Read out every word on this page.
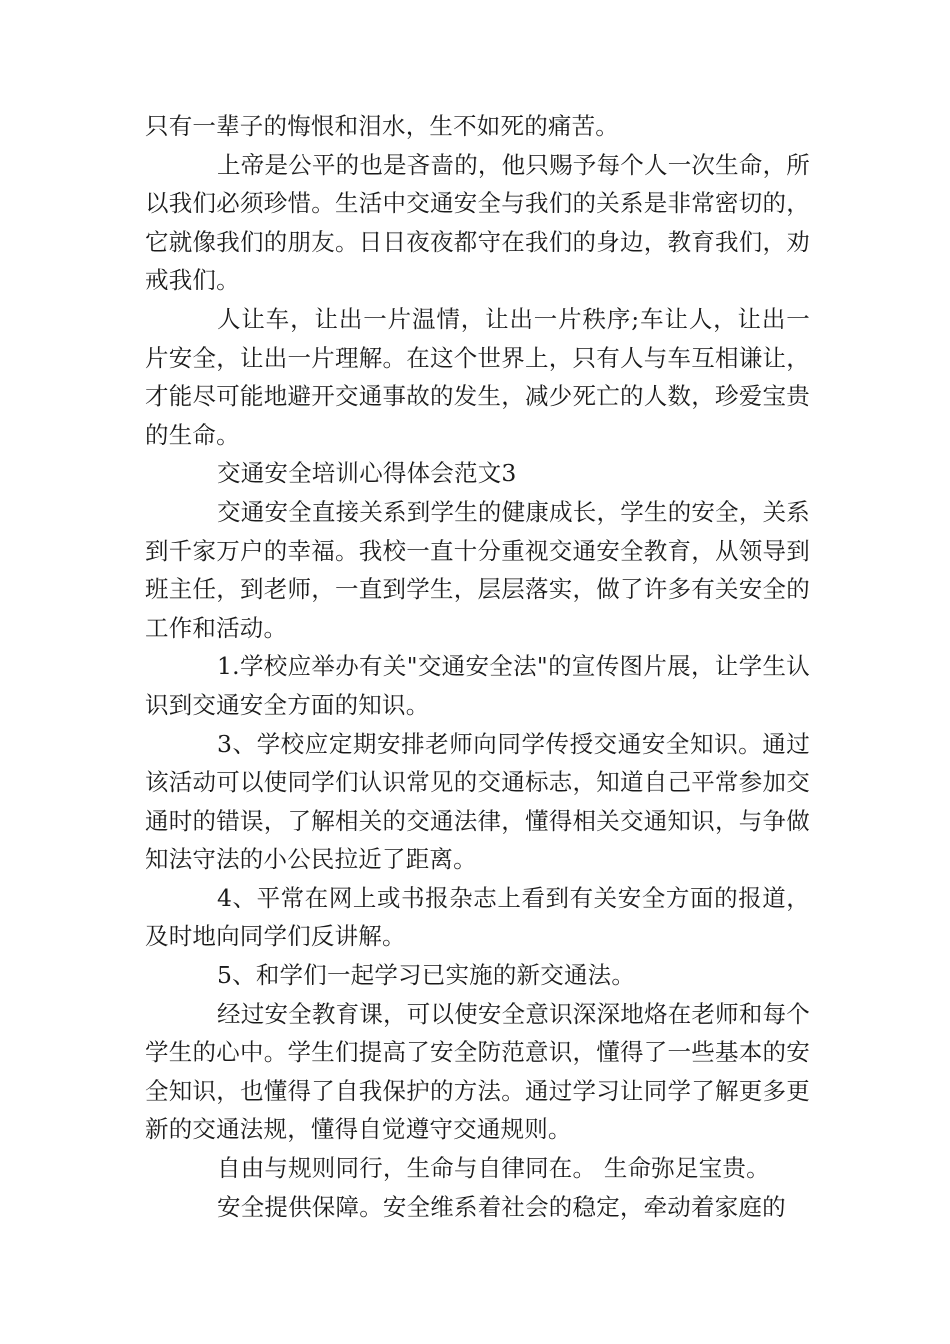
只有一辈子的悔恨和泪水，生不如死的痛苦。

上帝是公平的也是吝啬的，他只赐予每个人一次生命，所以我们必须珍惜。生活中交通安全与我们的关系是非常密切的，它就像我们的朋友。日日夜夜都守在我们的身边，教育我们，劝戒我们。

人让车，让出一片温情，让出一片秩序;车让人，让出一片安全，让出一片理解。在这个世界上，只有人与车互相谦让，才能尽可能地避开交通事故的发生，减少死亡的人数，珍爱宝贵的生命。

交通安全培训心得体会范文3

交通安全直接关系到学生的健康成长，学生的安全，关系到千家万户的幸福。我校一直十分重视交通安全教育，从领导到班主任，到老师，一直到学生，层层落实，做了许多有关安全的工作和活动。

1.学校应举办有关"交通安全法"的宣传图片展，让学生认识到交通安全方面的知识。

3、学校应定期安排老师向同学传授交通安全知识。通过该活动可以使同学们认识常见的交通标志，知道自己平常参加交通时的错误，了解相关的交通法律，懂得相关交通知识，与争做知法守法的小公民拉近了距离。

4、平常在网上或书报杂志上看到有关安全方面的报道，及时地向同学们反讲解。

5、和学们一起学习已实施的新交通法。

经过安全教育课，可以使安全意识深深地烙在老师和每个学生的心中。学生们提高了安全防范意识，懂得了一些基本的安全知识，也懂得了自我保护的方法。通过学习让同学了解更多更新的交通法规，懂得自觉遵守交通规则。

自由与规则同行，生命与自律同在。 生命弥足宝贵。

安全提供保障。安全维系着社会的稳定，牵动着家庭的
